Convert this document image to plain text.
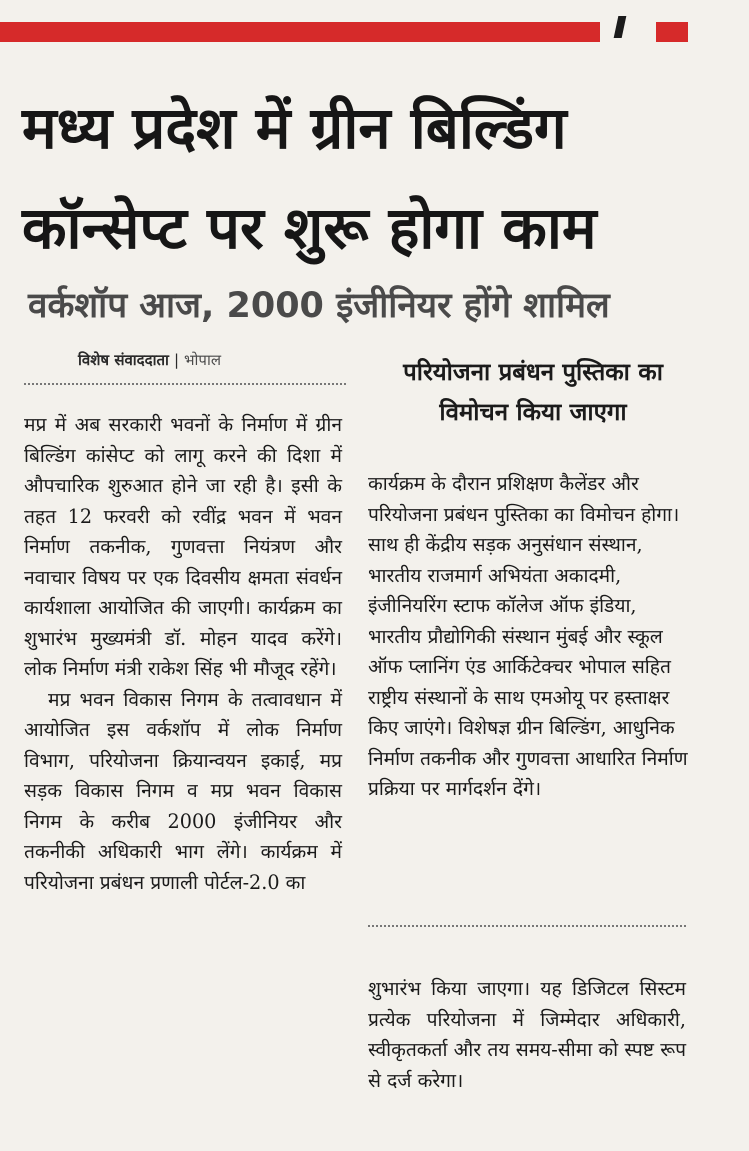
मध्य प्रदेश में ग्रीन बिल्डिंग कॉन्सेप्ट पर शुरू होगा काम
वर्कशॉप आज, 2000 इंजीनियर होंगे शामिल
विशेष संवाददाता | भोपाल

मप्र में अब सरकारी भवनों के निर्माण में ग्रीन बिल्डिंग कांसेप्ट को लागू करने की दिशा में औपचारिक शुरुआत होने जा रही है। इसी के तहत 12 फरवरी को रवींद्र भवन में भवन निर्माण तकनीक, गुणवत्ता नियंत्रण और नवाचार विषय पर एक दिवसीय क्षमता संवर्धन कार्यशाला आयोजित की जाएगी। कार्यक्रम का शुभारंभ मुख्यमंत्री डॉ. मोहन यादव करेंगे। लोक निर्माण मंत्री राकेश सिंह भी मौजूद रहेंगे।

मप्र भवन विकास निगम के तत्वावधान में आयोजित इस वर्कशॉप में लोक निर्माण विभाग, परियोजना क्रियान्वयन इकाई, मप्र सड़क विकास निगम व मप्र भवन विकास निगम के करीब 2000 इंजीनियर और तकनीकी अधिकारी भाग लेंगे। कार्यक्रम में परियोजना प्रबंधन प्रणाली पोर्टल-2.0 का

परियोजना प्रबंधन पुस्तिका का विमोचन किया जाएगा

कार्यक्रम के दौरान प्रशिक्षण कैलेंडर और परियोजना प्रबंधन पुस्तिका का विमोचन होगा। साथ ही केंद्रीय सड़क अनुसंधान संस्थान, भारतीय राजमार्ग अभियंता अकादमी, इंजीनियरिंग स्टाफ कॉलेज ऑफ इंडिया, भारतीय प्रौद्योगिकी संस्थान मुंबई और स्कूल ऑफ प्लानिंग एंड आर्किटेक्चर भोपाल सहित राष्ट्रीय संस्थानों के साथ एमओयू पर हस्ताक्षर किए जाएंगे। विशेषज्ञ ग्रीन बिल्डिंग, आधुनिक निर्माण तकनीक और गुणवत्ता आधारित निर्माण प्रक्रिया पर मार्गदर्शन देंगे।

शुभारंभ किया जाएगा। यह डिजिटल सिस्टम प्रत्येक परियोजना में जिम्मेदार अधिकारी, स्वीकृतकर्ता और तय समय-सीमा को स्पष्ट रूप से दर्ज करेगा।
